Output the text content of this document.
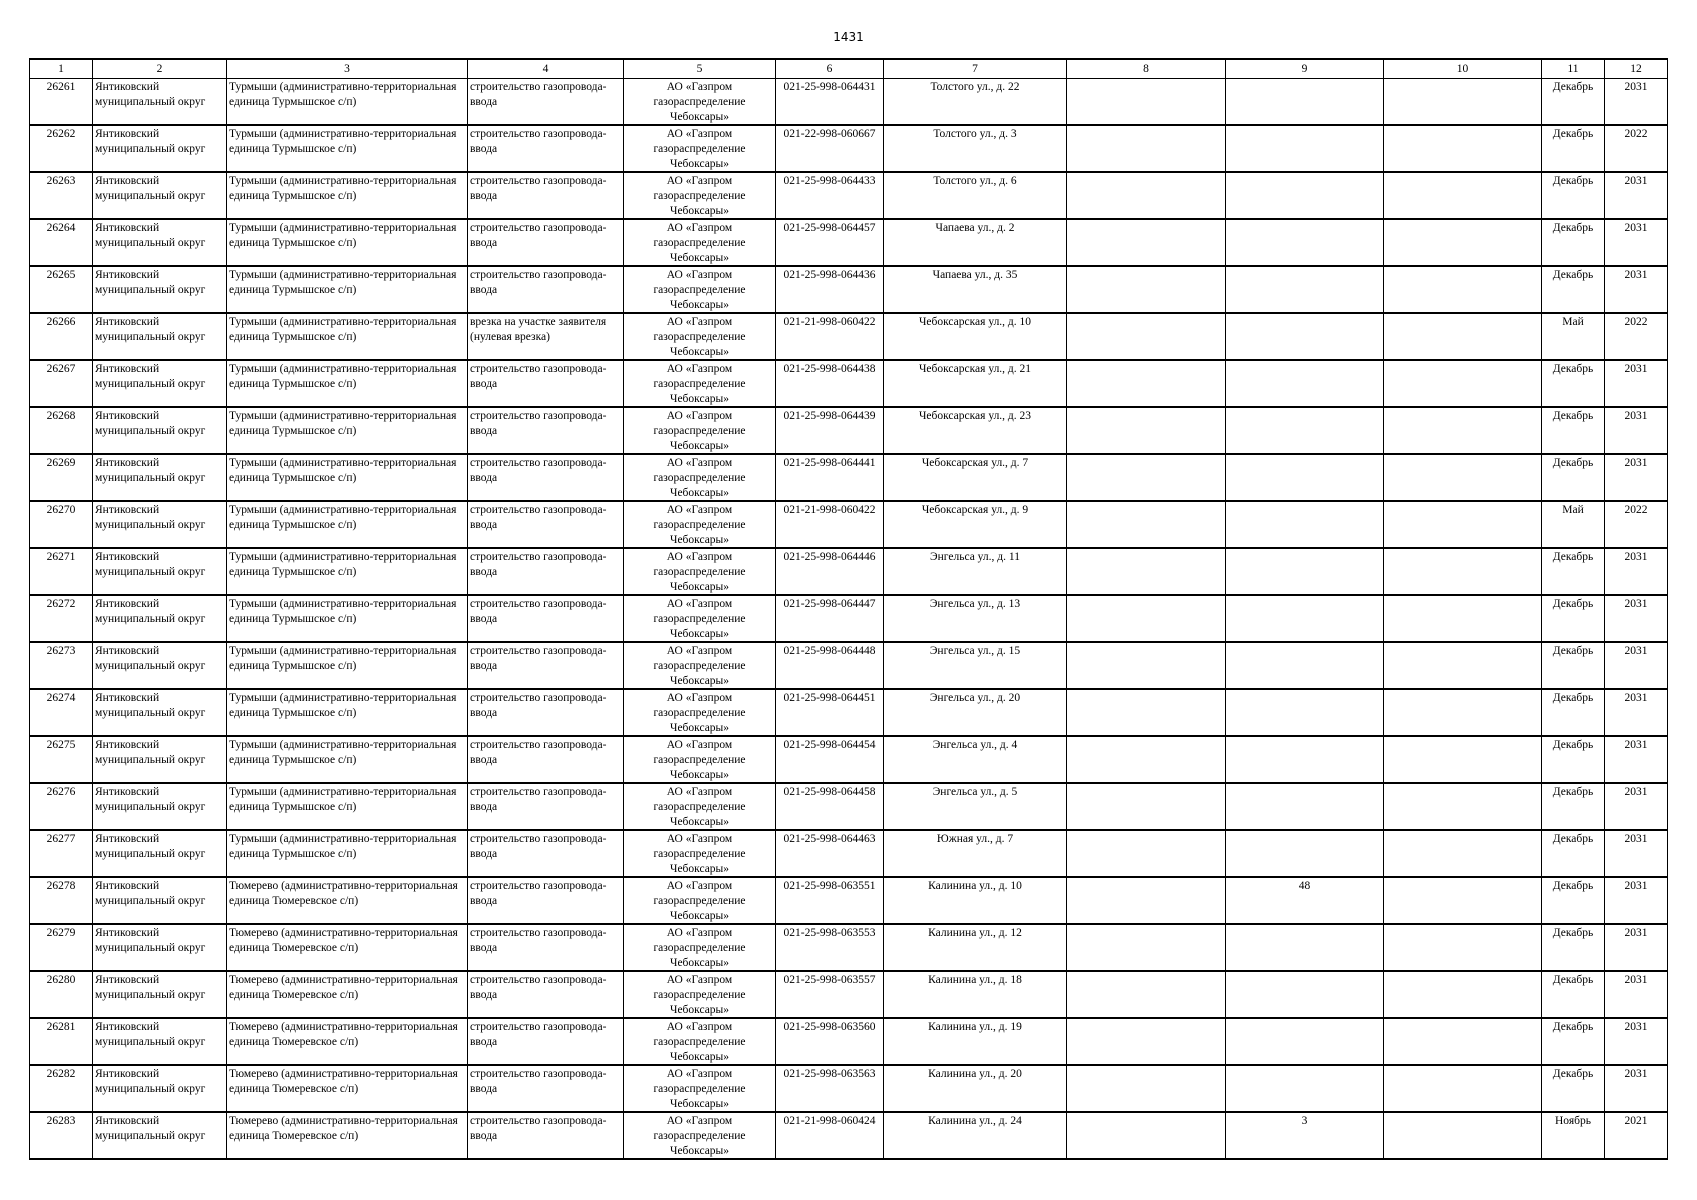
1431
1	2	3	4	5	6	7	8	9	10	11	12
26261	Янтиковский муниципальный округ	Турмыши (административно-территориальная единица Турмышское с/п)	строительство газопровода-ввода	АО «Газпром газораспределение Чебоксары»	021-25-998-064431	Толстого ул., д. 22				Декабрь	2031
26262	Янтиковский муниципальный округ	Турмыши (административно-территориальная единица Турмышское с/п)	строительство газопровода-ввода	АО «Газпром газораспределение Чебоксары»	021-22-998-060667	Толстого ул., д. 3				Декабрь	2022
26263	Янтиковский муниципальный округ	Турмыши (административно-территориальная единица Турмышское с/п)	строительство газопровода-ввода	АО «Газпром газораспределение Чебоксары»	021-25-998-064433	Толстого ул., д. 6				Декабрь	2031
26264	Янтиковский муниципальный округ	Турмыши (административно-территориальная единица Турмышское с/п)	строительство газопровода-ввода	АО «Газпром газораспределение Чебоксары»	021-25-998-064457	Чапаева ул., д. 2				Декабрь	2031
26265	Янтиковский муниципальный округ	Турмыши (административно-территориальная единица Турмышское с/п)	строительство газопровода-ввода	АО «Газпром газораспределение Чебоксары»	021-25-998-064436	Чапаева ул., д. 35				Декабрь	2031
26266	Янтиковский муниципальный округ	Турмыши (административно-территориальная единица Турмышское с/п)	врезка на участке заявителя (нулевая врезка)	АО «Газпром газораспределение Чебоксары»	021-21-998-060422	Чебоксарская ул., д. 10				Май	2022
26267	Янтиковский муниципальный округ	Турмыши (административно-территориальная единица Турмышское с/п)	строительство газопровода-ввода	АО «Газпром газораспределение Чебоксары»	021-25-998-064438	Чебоксарская ул., д. 21				Декабрь	2031
26268	Янтиковский муниципальный округ	Турмыши (административно-территориальная единица Турмышское с/п)	строительство газопровода-ввода	АО «Газпром газораспределение Чебоксары»	021-25-998-064439	Чебоксарская ул., д. 23				Декабрь	2031
26269	Янтиковский муниципальный округ	Турмыши (административно-территориальная единица Турмышское с/п)	строительство газопровода-ввода	АО «Газпром газораспределение Чебоксары»	021-25-998-064441	Чебоксарская ул., д. 7				Декабрь	2031
26270	Янтиковский муниципальный округ	Турмыши (административно-территориальная единица Турмышское с/п)	строительство газопровода-ввода	АО «Газпром газораспределение Чебоксары»	021-21-998-060422	Чебоксарская ул., д. 9				Май	2022
26271	Янтиковский муниципальный округ	Турмыши (административно-территориальная единица Турмышское с/п)	строительство газопровода-ввода	АО «Газпром газораспределение Чебоксары»	021-25-998-064446	Энгельса ул., д. 11				Декабрь	2031
26272	Янтиковский муниципальный округ	Турмыши (административно-территориальная единица Турмышское с/п)	строительство газопровода-ввода	АО «Газпром газораспределение Чебоксары»	021-25-998-064447	Энгельса ул., д. 13				Декабрь	2031
26273	Янтиковский муниципальный округ	Турмыши (административно-территориальная единица Турмышское с/п)	строительство газопровода-ввода	АО «Газпром газораспределение Чебоксары»	021-25-998-064448	Энгельса ул., д. 15				Декабрь	2031
26274	Янтиковский муниципальный округ	Турмыши (административно-территориальная единица Турмышское с/п)	строительство газопровода-ввода	АО «Газпром газораспределение Чебоксары»	021-25-998-064451	Энгельса ул., д. 20				Декабрь	2031
26275	Янтиковский муниципальный округ	Турмыши (административно-территориальная единица Турмышское с/п)	строительство газопровода-ввода	АО «Газпром газораспределение Чебоксары»	021-25-998-064454	Энгельса ул., д. 4				Декабрь	2031
26276	Янтиковский муниципальный округ	Турмыши (административно-территориальная единица Турмышское с/п)	строительство газопровода-ввода	АО «Газпром газораспределение Чебоксары»	021-25-998-064458	Энгельса ул., д. 5				Декабрь	2031
26277	Янтиковский муниципальный округ	Турмыши (административно-территориальная единица Турмышское с/п)	строительство газопровода-ввода	АО «Газпром газораспределение Чебоксары»	021-25-998-064463	Южная ул., д. 7				Декабрь	2031
26278	Янтиковский муниципальный округ	Тюмерево (административно-территориальная единица Тюмеревское с/п)	строительство газопровода-ввода	АО «Газпром газораспределение Чебоксары»	021-25-998-063551	Калинина ул., д. 10		48		Декабрь	2031
26279	Янтиковский муниципальный округ	Тюмерево (административно-территориальная единица Тюмеревское с/п)	строительство газопровода-ввода	АО «Газпром газораспределение Чебоксары»	021-25-998-063553	Калинина ул., д. 12				Декабрь	2031
26280	Янтиковский муниципальный округ	Тюмерево (административно-территориальная единица Тюмеревское с/п)	строительство газопровода-ввода	АО «Газпром газораспределение Чебоксары»	021-25-998-063557	Калинина ул., д. 18				Декабрь	2031
26281	Янтиковский муниципальный округ	Тюмерево (административно-территориальная единица Тюмеревское с/п)	строительство газопровода-ввода	АО «Газпром газораспределение Чебоксары»	021-25-998-063560	Калинина ул., д. 19				Декабрь	2031
26282	Янтиковский муниципальный округ	Тюмерево (административно-территориальная единица Тюмеревское с/п)	строительство газопровода-ввода	АО «Газпром газораспределение Чебоксары»	021-25-998-063563	Калинина ул., д. 20				Декабрь	2031
26283	Янтиковский муниципальный округ	Тюмерево (административно-территориальная единица Тюмеревское с/п)	строительство газопровода-ввода	АО «Газпром газораспределение Чебоксары»	021-21-998-060424	Калинина ул., д. 24		3		Ноябрь	2021
